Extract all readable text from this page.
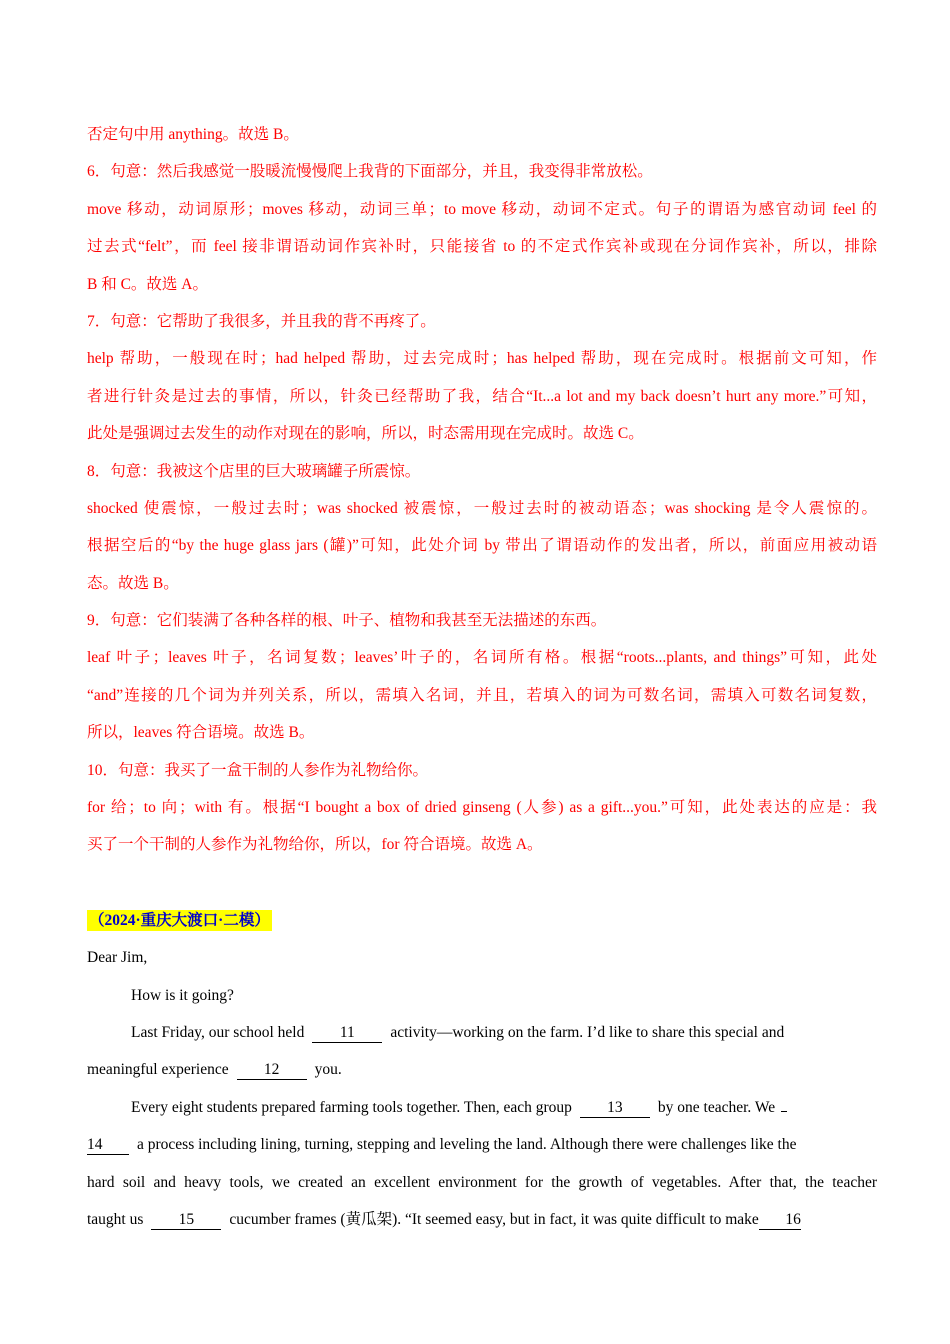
否定句中用 anything。故选 B。
6．句意：然后我感觉一股暖流慢慢爬上我背的下面部分，并且，我变得非常放松。
move 移动，动词原形；moves 移动，动词三单；to move 移动，动词不定式。句子的谓语为感官动词 feel 的
过去式“felt”，而 feel 接非谓语动词作宾补时，只能接省 to 的不定式作宾补或现在分词作宾补，所以，排除
B 和 C。故选 A。
7．句意：它帮助了我很多，并且我的背不再疼了。
help 帮助，一般现在时；had helped 帮助，过去完成时；has helped 帮助，现在完成时。根据前文可知，作
者进行针灸是过去的事情，所以，针灸已经帮助了我，结合“It...a lot and my back doesn’t hurt any more.”可知，
此处是强调过去发生的动作对现在的影响，所以，时态需用现在完成时。故选 C。
8．句意：我被这个店里的巨大玻璃罐子所震惊。
shocked 使震惊，一般过去时；was shocked 被震惊，一般过去时的被动语态；was shocking 是令人震惊的。
根据空后的“by the huge glass jars (罐)”可知，此处介词 by 带出了谓语动作的发出者，所以，前面应用被动语
态。故选 B。
9．句意：它们装满了各种各样的根、叶子、植物和我甚至无法描述的东西。
leaf 叶子；leaves 叶子，名词复数；leaves’叶子的，名词所有格。根据“roots...plants, and things”可知，此处
“and”连接的几个词为并列关系，所以，需填入名词，并且，若填入的词为可数名词，需填入可数名词复数，
所以，leaves 符合语境。故选 B。
10．句意：我买了一盒干制的人参作为礼物给你。
for 给；to 向；with 有。根据“I bought a box of dried ginseng (人参) as a gift...you.”可知，此处表达的应是：我
买了一个干制的人参作为礼物给你，所以，for 符合语境。故选 A。
（2024·重庆大渡口·二模）
Dear Jim,
How is it going?
Last Friday, our school held 11 activity—working on the farm. I’d like to share this special and
meaningful experience 12 you.
Every eight students prepared farming tools together. Then, each group 13 by one teacher. We
14 a process including lining, turning, stepping and leveling the land. Although there were challenges like the
hard soil and heavy tools, we created an excellent environment for the growth of vegetables. After that, the teacher
taught us 15 cucumber frames (黄瓜架). “It seemed easy, but in fact, it was quite difficult to make 16
